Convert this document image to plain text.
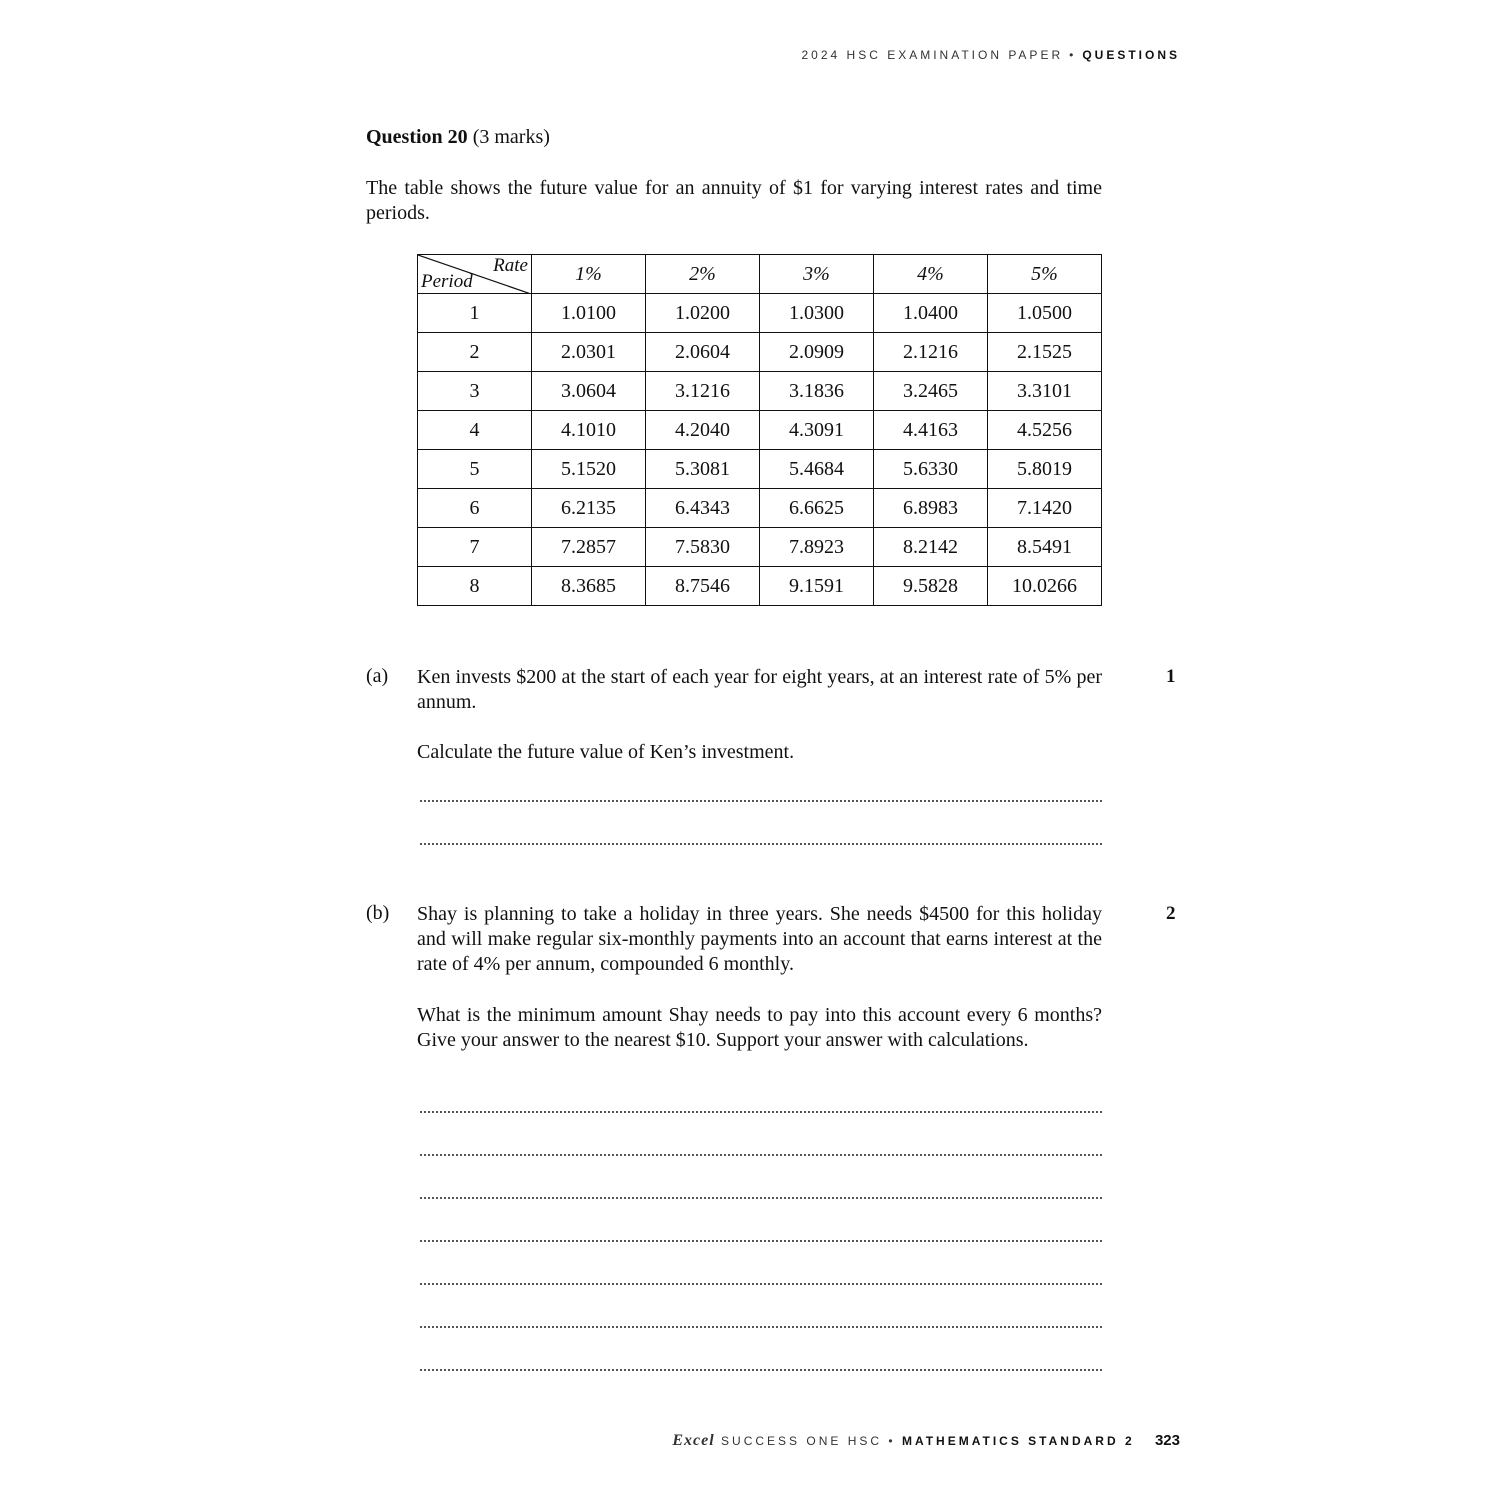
2024 HSC EXAMINATION PAPER • QUESTIONS
Question 20 (3 marks)
The table shows the future value for an annuity of $1 for varying interest rates and time periods.
Rate
Period	1%	2%	3%	4%	5%
1	1.0100	1.0200	1.0300	1.0400	1.0500
2	2.0301	2.0604	2.0909	2.1216	2.1525
3	3.0604	3.1216	3.1836	3.2465	3.3101
4	4.1010	4.2040	4.3091	4.4163	4.5256
5	5.1520	5.3081	5.4684	5.6330	5.8019
6	6.2135	6.4343	6.6625	6.8983	7.1420
7	7.2857	7.5830	7.8923	8.2142	8.5491
8	8.3685	8.7546	9.1591	9.5828	10.0266
(a) Ken invests $200 at the start of each year for eight years, at an interest rate of 5% per annum.
1
Calculate the future value of Ken’s investment.
(b) Shay is planning to take a holiday in three years. She needs $4500 for this holiday and will make regular six-monthly payments into an account that earns interest at the rate of 4% per annum, compounded 6 monthly.
2
What is the minimum amount Shay needs to pay into this account every 6 months? Give your answer to the nearest $10. Support your answer with calculations.
Excel SUCCESS ONE HSC • MATHEMATICS STANDARD 2 323
